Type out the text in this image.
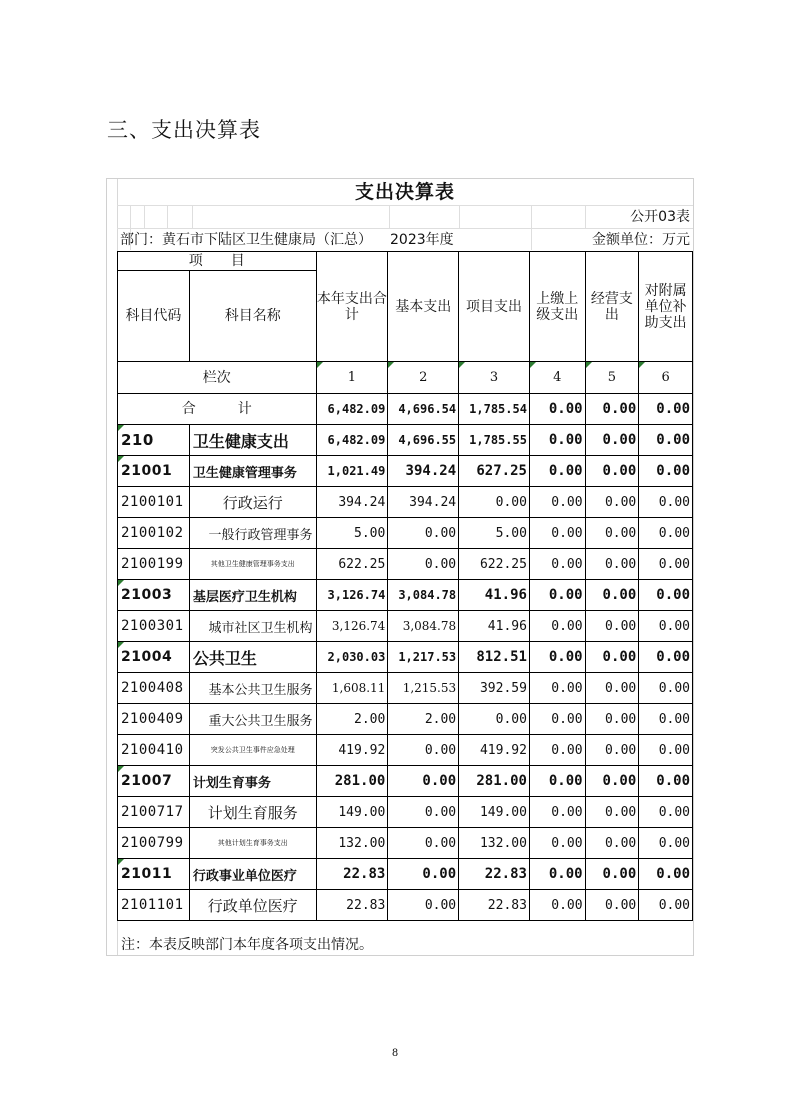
三、支出决算表
支出决算表
公开03表
部门：黄石市下陆区卫生健康局（汇总）	2023年度	金额单位：万元
项　　目		本年支出合计	基本支出	项目支出	上缴上级支出	经营支出	对附属单位补助支出
科目代码	科目名称						
栏次		1	2	3	4	5	6
合　　　计		6,482.09	4,696.54	1,785.54	0.00	0.00	0.00
210	卫生健康支出	6,482.09	4,696.55	1,785.55	0.00	0.00	0.00
21001	卫生健康管理事务	1,021.49	394.24	627.25	0.00	0.00	0.00
2100101	行政运行	394.24	394.24	0.00	0.00	0.00	0.00
2100102	一般行政管理事务	5.00	0.00	5.00	0.00	0.00	0.00
2100199	其他卫生健康管理事务支出	622.25	0.00	622.25	0.00	0.00	0.00
21003	基层医疗卫生机构	3,126.74	3,084.78	41.96	0.00	0.00	0.00
2100301	城市社区卫生机构	3,126.74	3,084.78	41.96	0.00	0.00	0.00
21004	公共卫生	2,030.03	1,217.53	812.51	0.00	0.00	0.00
2100408	基本公共卫生服务	1,608.11	1,215.53	392.59	0.00	0.00	0.00
2100409	重大公共卫生服务	2.00	2.00	0.00	0.00	0.00	0.00
2100410	突发公共卫生事件应急处理	419.92	0.00	419.92	0.00	0.00	0.00
21007	计划生育事务	281.00	0.00	281.00	0.00	0.00	0.00
2100717	计划生育服务	149.00	0.00	149.00	0.00	0.00	0.00
2100799	其他计划生育事务支出	132.00	0.00	132.00	0.00	0.00	0.00
21011	行政事业单位医疗	22.83	0.00	22.83	0.00	0.00	0.00
2101101	行政单位医疗	22.83	0.00	22.83	0.00	0.00	0.00
注：本表反映部门本年度各项支出情况。
8
